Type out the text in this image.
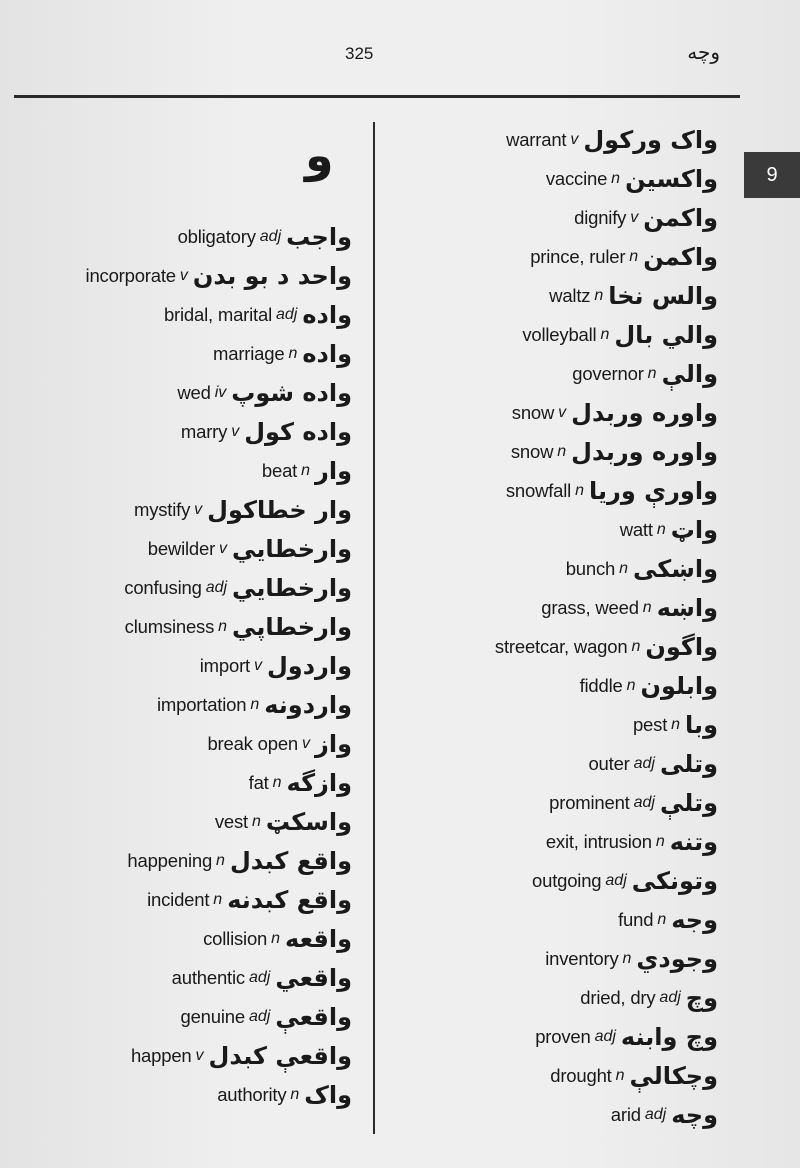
وچه
325
9
و
obligatory adj واجب
incorporate v واحد د بو بدن
bridal, marital adj واده
marriage n واده
wed iv واده شوپ
marry v واده کول
beat n وار
mystify v وار خطاکول
bewilder v وارخطايي
confusing adj وارخطايي
clumsiness n وارخطاپي
import v واردول
importation n واردونه
break open v واز
fat n وازگه
vest n واسکټ
happening n واقع کبدل
incident n واقع کبدنه
collision n واقعه
authentic adj واقعي
genuine adj واقعې
happen v واقعې کبدل
authority n واک
warrant v واک ورکول
vaccine n واکسین
dignify v واکمن
prince, ruler n واکمن
waltz n والس نخا
volleyball n والي بال
governor n والې
snow v واوره وربدل
snow n واوره وربدل
snowfall n واورې وريا
watt n واټ
bunch n واښکی
grass, weed n واښه
streetcar, wagon n واگون
fiddle n وابلون
pest n وبا
outer adj وتلی
prominent adj وتلې
exit, intrusion n وتنه
outgoing adj وتونکی
fund n وجه
inventory n وجودي
dried, dry adj وچ
proven adj وچ وابنه
drought n وچکالې
arid adj وچه
